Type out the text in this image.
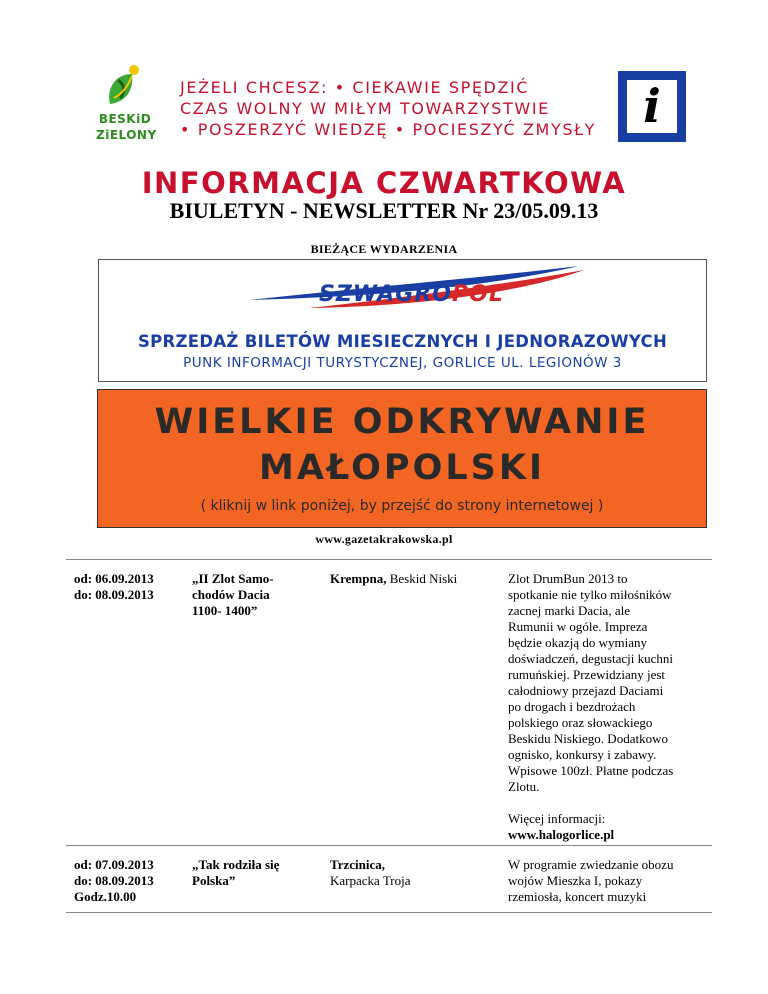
BESKiD
ZiELONY
JEŻELI CHCESZ: • CIEKAWIE SPĘDZIĆ
CZAS WOLNY W MIŁYM TOWARZYSTWIE
• POSZERZYĆ WIEDZĘ • POCIESZYĆ ZMYSŁY	i
INFORMACJA CZWARTKOWA
BIULETYN - NEWSLETTER Nr 23/05.09.13
BIEŻĄCE WYDARZENIA
SZWAGROPOL
SPRZEDAŻ BILETÓW MIESIECZNYCH I JEDNORAZOWYCH
PUNK INFORMACJI TURYSTYCZNEJ, GORLICE UL. LEGIONÓW 3
WIELKIE ODKRYWANIE
MAŁOPOLSKI
( kliknij w link poniżej, by przejść do strony internetowej )
www.gazetakrakowska.pl
od: 06.09.2013
do: 08.09.2013
„II Zlot Samo-
chodów Dacia
1100- 1400”
Krempna, Beskid Niski	Zlot DrumBun 2013 to
spotkanie nie tylko miłośników
zacnej marki Dacia, ale
Rumunii w ogóle. Impreza
będzie okazją do wymiany
doświadczeń, degustacji kuchni
rumuńskiej. Przewidziany jest
całodniowy przejazd Daciami
po drogach i bezdrożach
polskiego oraz słowackiego
Beskidu Niskiego. Dodatkowo
ognisko, konkursy i zabawy.
Wpisowe 100zł. Płatne podczas
Zlotu.
Więcej informacji:
www.halogorlice.pl
od: 07.09.2013
do: 08.09.2013
Godz.10.00
„Tak rodziła się
Polska”
Trzcinica,
Karpacka Troja
W programie zwiedzanie obozu
wojów Mieszka I, pokazy
rzemiosła, koncert muzyki
